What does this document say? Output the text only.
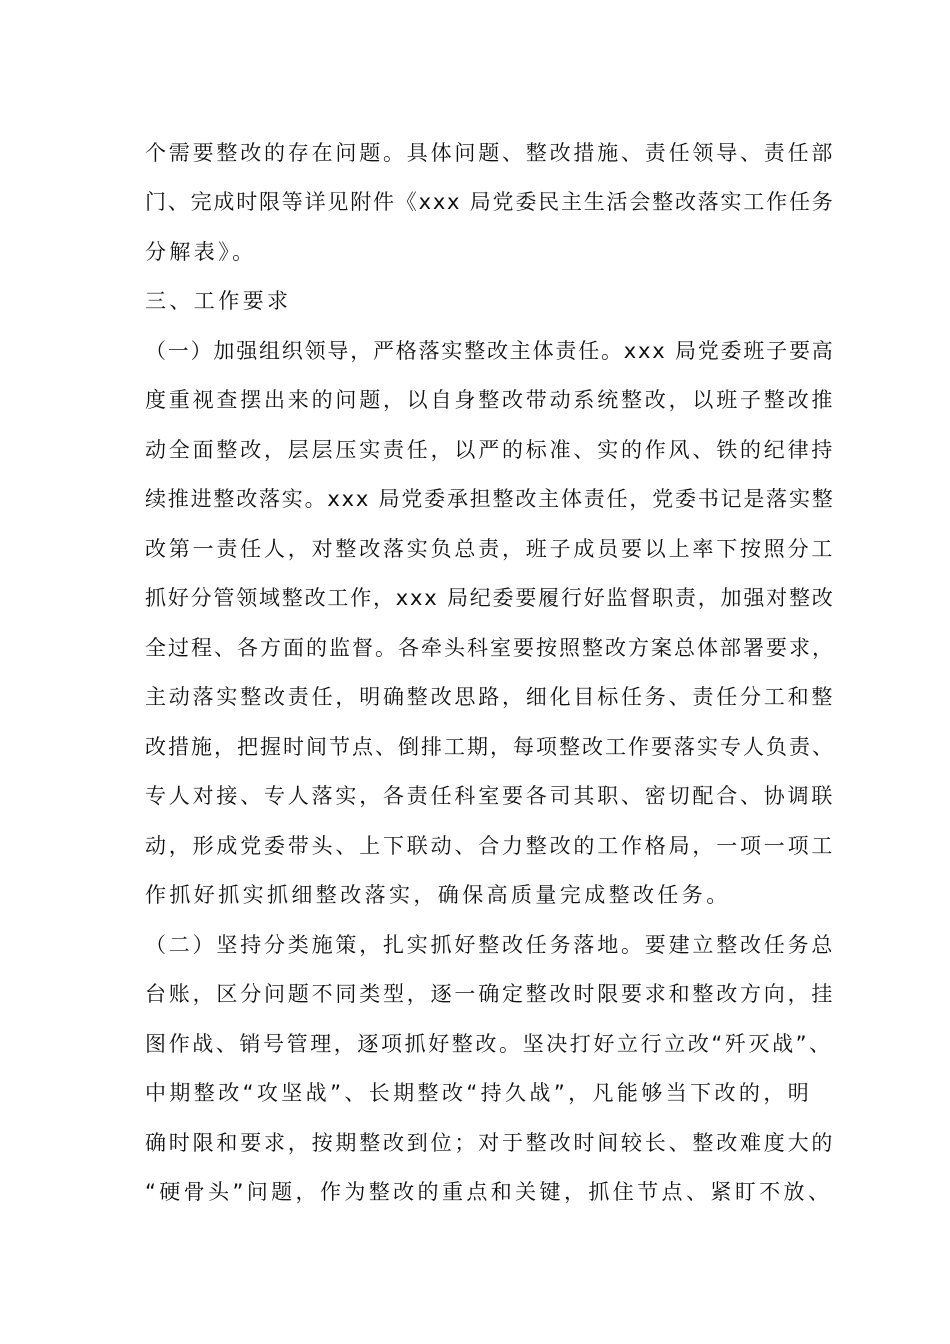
个需要整改的存在问题。具体问题、整改措施、责任领导、责任部
门、完成时限等详见附件《xxx 局党委民主生活会整改落实工作任务
分解表》。
三、工作要求
（一）加强组织领导，严格落实整改主体责任。xxx 局党委班子要高
度重视查摆出来的问题，以自身整改带动系统整改，以班子整改推
动全面整改，层层压实责任，以严的标准、实的作风、铁的纪律持
续推进整改落实。xxx 局党委承担整改主体责任，党委书记是落实整
改第一责任人，对整改落实负总责，班子成员要以上率下按照分工
抓好分管领域整改工作，xxx 局纪委要履行好监督职责，加强对整改
全过程、各方面的监督。各牵头科室要按照整改方案总体部署要求，
主动落实整改责任，明确整改思路，细化目标任务、责任分工和整
改措施，把握时间节点、倒排工期，每项整改工作要落实专人负责、
专人对接、专人落实，各责任科室要各司其职、密切配合、协调联
动，形成党委带头、上下联动、合力整改的工作格局，一项一项工
作抓好抓实抓细整改落实，确保高质量完成整改任务。
（二）坚持分类施策，扎实抓好整改任务落地。要建立整改任务总
台账，区分问题不同类型，逐一确定整改时限要求和整改方向，挂
图作战、销号管理，逐项抓好整改。坚决打好立行立改“歼灭战”、
中期整改“攻坚战”、长期整改“持久战”，凡能够当下改的，明
确时限和要求，按期整改到位；对于整改时间较长、整改难度大的
“硬骨头”问题，作为整改的重点和关键，抓住节点、紧盯不放、
